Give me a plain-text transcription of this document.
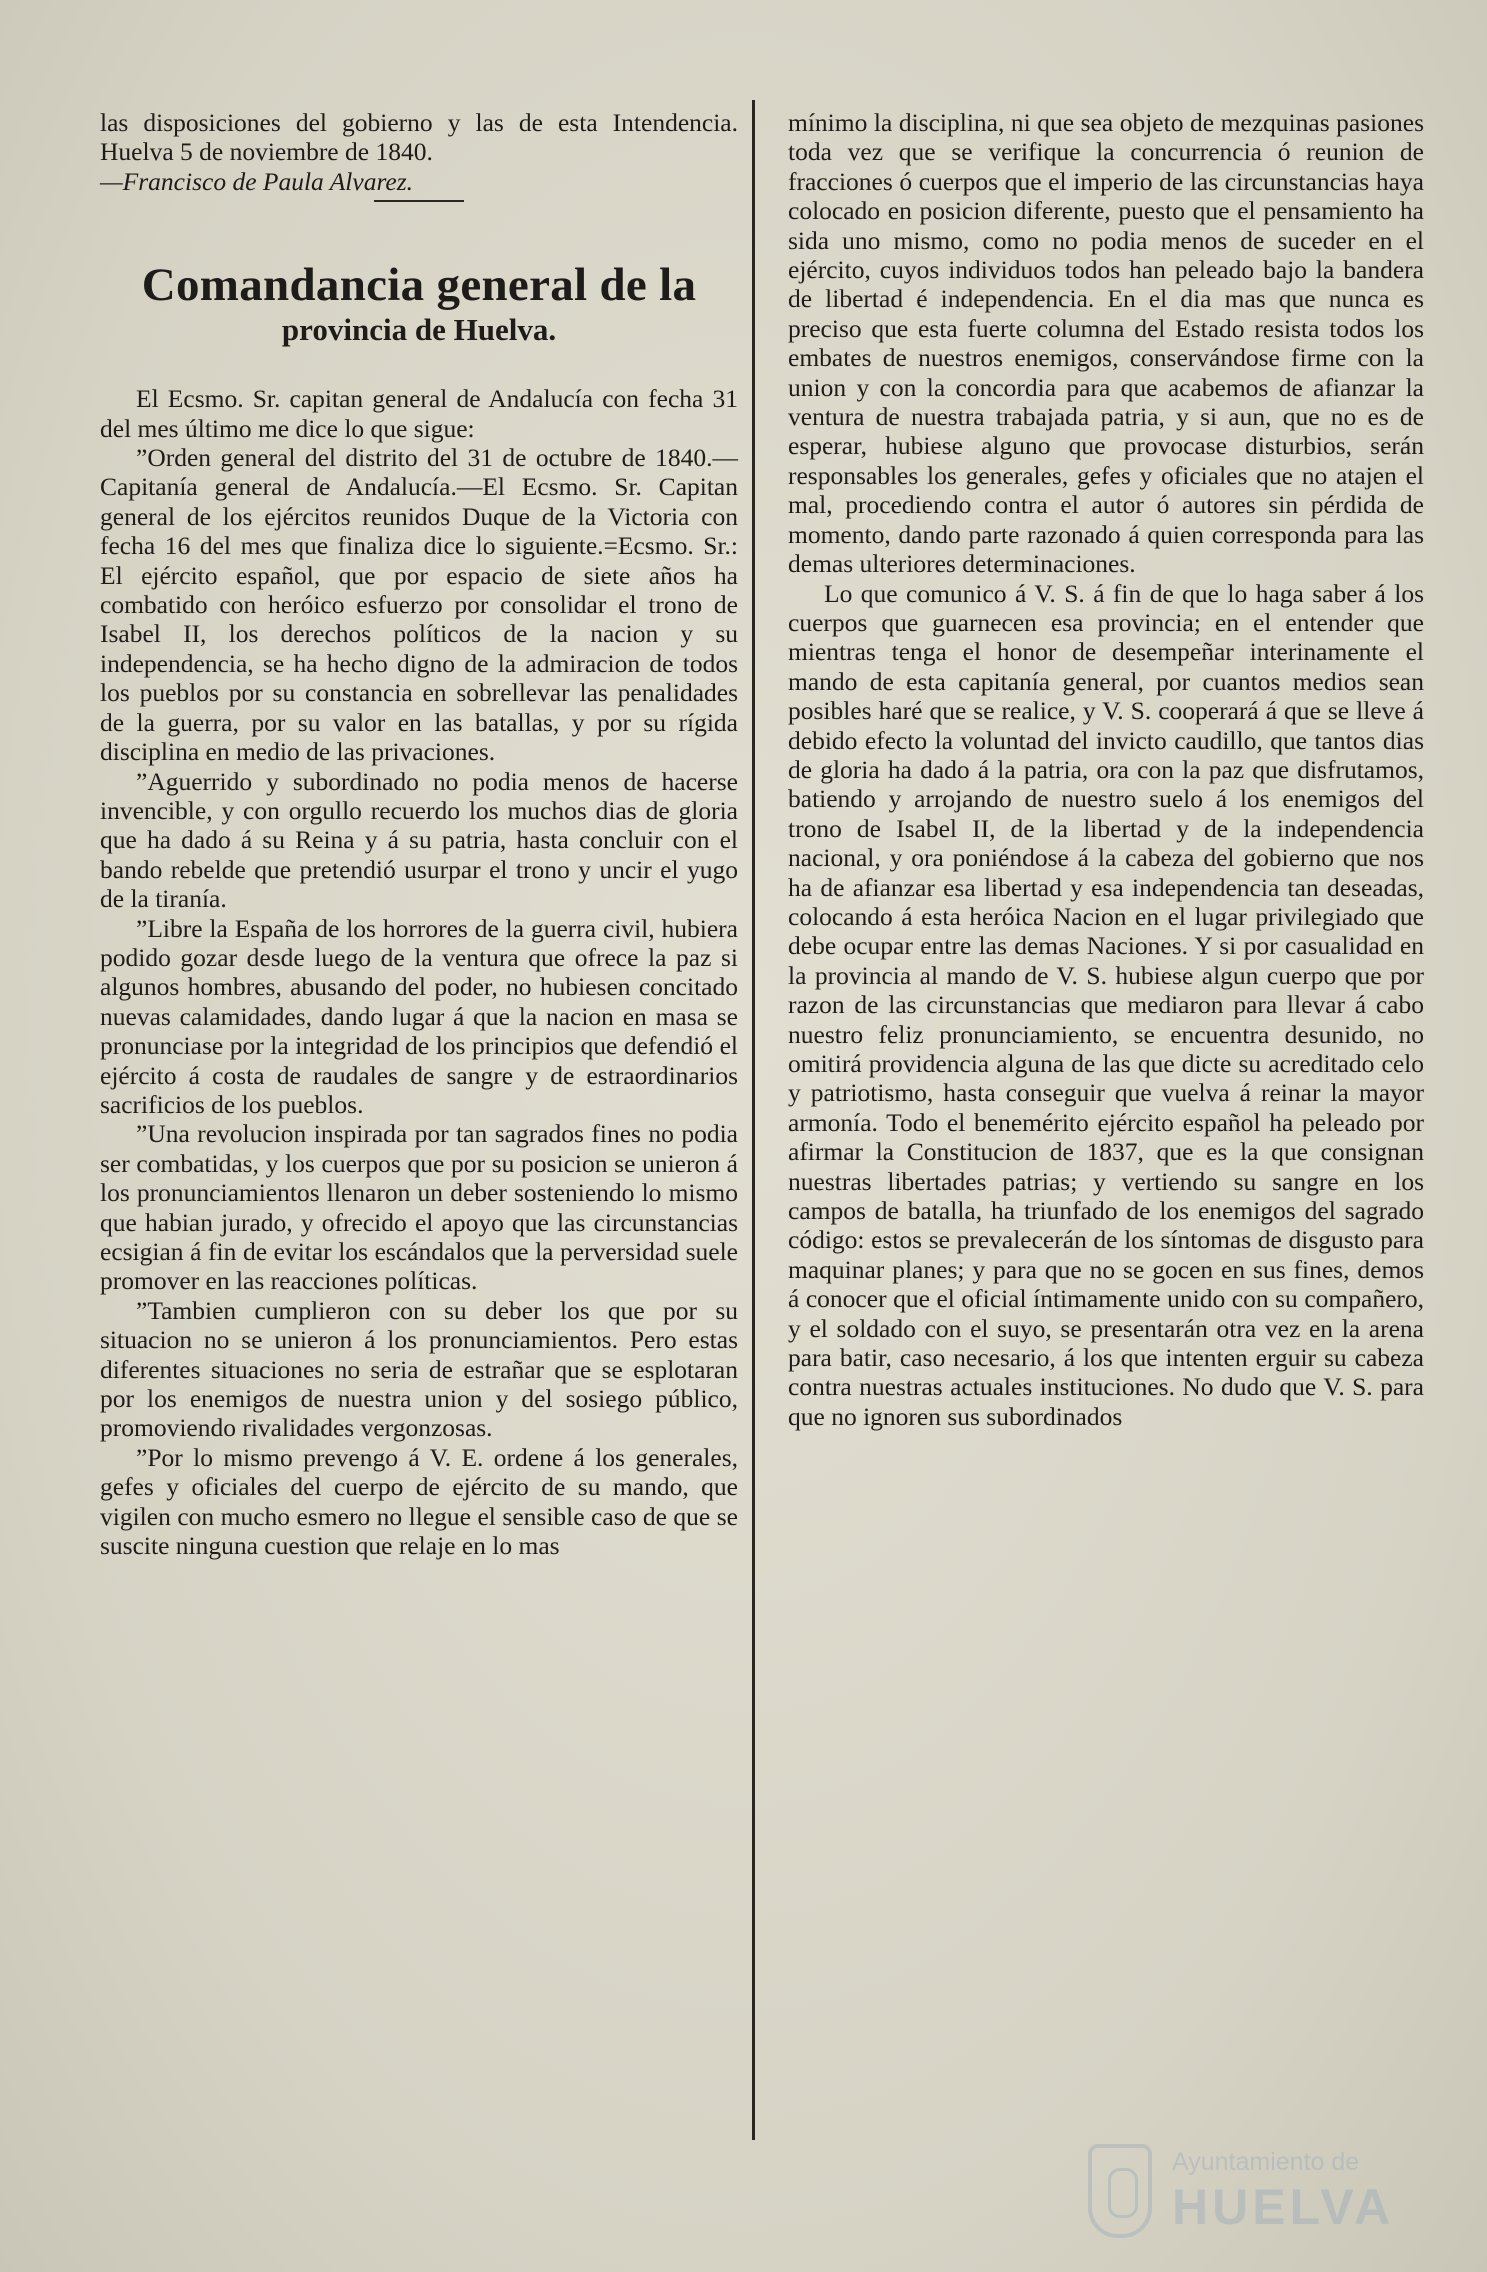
las disposiciones del gobierno y las de esta Intendencia. Huelva 5 de noviembre de 1840.

—Francisco de Paula Alvarez.

Comandancia general de la
provincia de Huelva.

El Ecsmo. Sr. capitan general de Andalucía con fecha 31 del mes último me dice lo que sigue:

”Orden general del distrito del 31 de octubre de 1840.—Capitanía general de Andalucía.—El Ecsmo. Sr. Capitan general de los ejércitos reunidos Duque de la Victoria con fecha 16 del mes que finaliza dice lo siguiente.=Ecsmo. Sr.: El ejército español, que por espacio de siete años ha combatido con heróico esfuerzo por consolidar el trono de Isabel II, los derechos políticos de la nacion y su independencia, se ha hecho digno de la admiracion de todos los pueblos por su constancia en sobrellevar las penalidades de la guerra, por su valor en las batallas, y por su rígida disciplina en medio de las privaciones.

”Aguerrido y subordinado no podia menos de hacerse invencible, y con orgullo recuerdo los muchos dias de gloria que ha dado á su Reina y á su patria, hasta concluir con el bando rebelde que pretendió usurpar el trono y uncir el yugo de la tiranía.

”Libre la España de los horrores de la guerra civil, hubiera podido gozar desde luego de la ventura que ofrece la paz si algunos hombres, abusando del poder, no hubiesen concitado nuevas calamidades, dando lugar á que la nacion en masa se pronunciase por la integridad de los principios que defendió el ejército á costa de raudales de sangre y de estraordinarios sacrificios de los pueblos.

”Una revolucion inspirada por tan sagrados fines no podia ser combatidas, y los cuerpos que por su posicion se unieron á los pronunciamientos llenaron un deber sosteniendo lo mismo que habian jurado, y ofrecido el apoyo que las circunstancias ecsigian á fin de evitar los escándalos que la perversidad suele promover en las reacciones políticas.

”Tambien cumplieron con su deber los que por su situacion no se unieron á los pronunciamientos. Pero estas diferentes situaciones no seria de estrañar que se esplotaran por los enemigos de nuestra union y del sosiego público, promoviendo rivalidades vergonzosas.

”Por lo mismo prevengo á V. E. ordene á los generales, gefes y oficiales del cuerpo de ejército de su mando, que vigilen con mucho esmero no llegue el sensible caso de que se suscite ninguna cuestion que relaje en lo mas

mínimo la disciplina, ni que sea objeto de mezquinas pasiones toda vez que se verifique la concurrencia ó reunion de fracciones ó cuerpos que el imperio de las circunstancias haya colocado en posicion diferente, puesto que el pensamiento ha sida uno mismo, como no podia menos de suceder en el ejército, cuyos individuos todos han peleado bajo la bandera de libertad é independencia. En el dia mas que nunca es preciso que esta fuerte columna del Estado resista todos los embates de nuestros enemigos, conservándose firme con la union y con la concordia para que acabemos de afianzar la ventura de nuestra trabajada patria, y si aun, que no es de esperar, hubiese alguno que provocase disturbios, serán responsables los generales, gefes y oficiales que no atajen el mal, procediendo contra el autor ó autores sin pérdida de momento, dando parte razonado á quien corresponda para las demas ulteriores determinaciones.

Lo que comunico á V. S. á fin de que lo haga saber á los cuerpos que guarnecen esa provincia; en el entender que mientras tenga el honor de desempeñar interinamente el mando de esta capitanía general, por cuantos medios sean posibles haré que se realice, y V. S. cooperará á que se lleve á debido efecto la voluntad del invicto caudillo, que tantos dias de gloria ha dado á la patria, ora con la paz que disfrutamos, batiendo y arrojando de nuestro suelo á los enemigos del trono de Isabel II, de la libertad y de la independencia nacional, y ora poniéndose á la cabeza del gobierno que nos ha de afianzar esa libertad y esa independencia tan deseadas, colocando á esta heróica Nacion en el lugar privilegiado que debe ocupar entre las demas Naciones. Y si por casualidad en la provincia al mando de V. S. hubiese algun cuerpo que por razon de las circunstancias que mediaron para llevar á cabo nuestro feliz pronunciamiento, se encuentra desunido, no omitirá providencia alguna de las que dicte su acreditado celo y patriotismo, hasta conseguir que vuelva á reinar la mayor armonía. Todo el benemérito ejército español ha peleado por afirmar la Constitucion de 1837, que es la que consignan nuestras libertades patrias; y vertiendo su sangre en los campos de batalla, ha triunfado de los enemigos del sagrado código: estos se prevalecerán de los síntomas de disgusto para maquinar planes; y para que no se gocen en sus fines, demos á conocer que el oficial íntimamente unido con su compañero, y el soldado con el suyo, se presentarán otra vez en la arena para batir, caso necesario, á los que intenten erguir su cabeza contra nuestras actuales instituciones. No dudo que V. S. para que no ignoren sus subordinados

Ayuntamiento de
HUELVA
